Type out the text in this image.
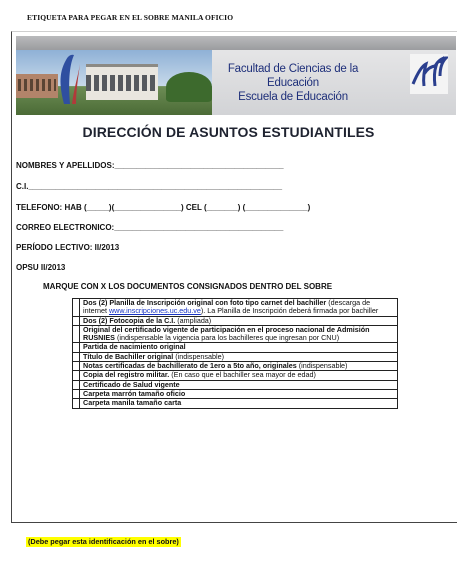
ETIQUETA PARA PEGAR EN EL SOBRE MANILA OFICIO
Facultad de Ciencias de la Educación
Escuela de Educación
DIRECCIÓN DE ASUNTOS ESTUDIANTILES
NOMBRES Y APELLIDOS:______________________________________
C.I._________________________________________________________
TELEFONO: HAB (_____)(_______________) CEL (_______) (______________)
CORREO ELECTRONICO:______________________________________
PERÍODO LECTIVO: II/2013
OPSU II/2013
MARQUE CON X LOS DOCUMENTOS CONSIGNADOS DENTRO DEL SOBRE
	Dos (2) Planilla de Inscripción original con foto tipo carnet del bachiller (descarga de internet www.inscripciones.uc.edu.ve). La Planilla de Inscripción deberá firmada por bachiller
	Dos (2) Fotocopia de la C.I. (ampliada)
	Original del certificado vigente de participación en el proceso nacional de Admisión RUSNIES (indispensable la vigencia para los bachilleres que ingresan por CNU)
	Partida de nacimiento original
	Título de Bachiller original (indispensable)
	Notas certificadas de bachillerato de 1ero a 5to año, originales (indispensable)
	Copia del registro militar. (En caso que el bachiller sea mayor de edad)
	Certificado de Salud vigente
	Carpeta marrón tamaño oficio
	Carpeta manila tamaño carta
(Debe pegar esta identificación en el sobre)
